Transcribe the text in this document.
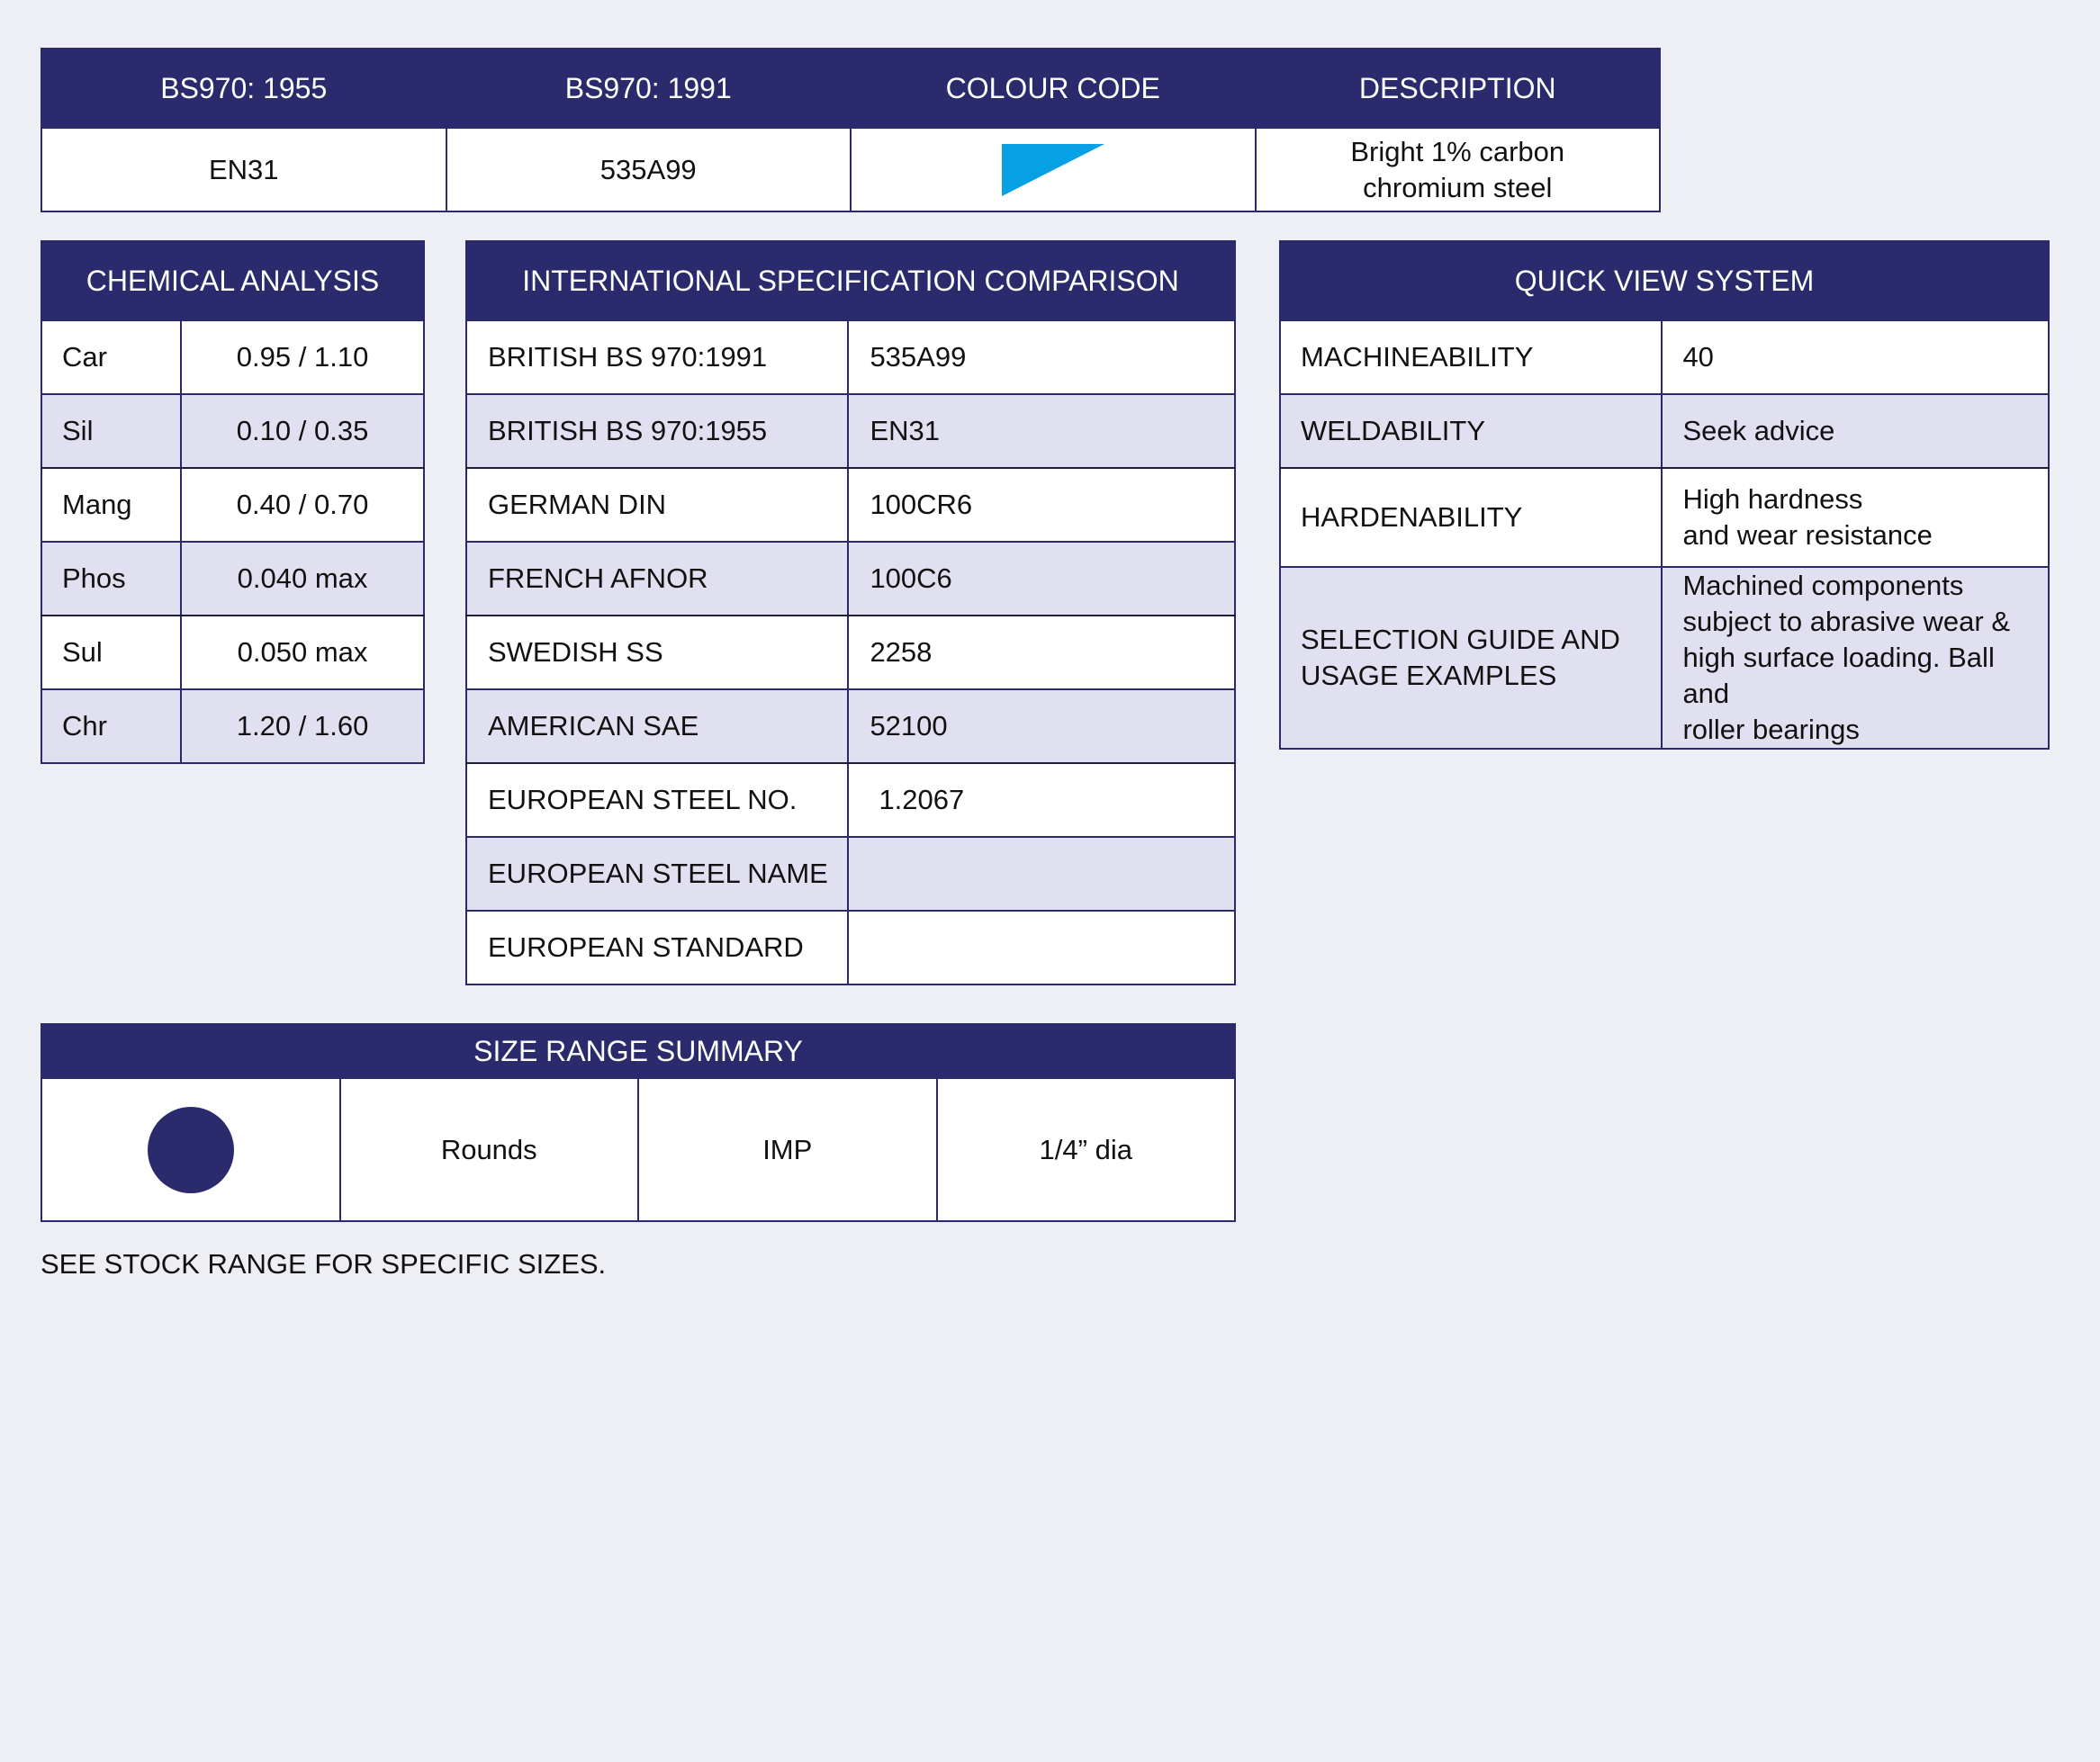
BS970: 1955	BS970: 1991	COLOUR CODE	DESCRIPTION
EN31	535A99		Bright 1% carbon
chromium steel
CHEMICAL ANALYSIS	
Car	0.95 / 1.10
Sil	0.10 / 0.35
Mang	0.40 / 0.70
Phos	0.040 max
Sul	0.050 max
Chr	1.20 / 1.60
INTERNATIONAL SPECIFICATION COMPARISON	
BRITISH BS 970:1991	535A99
BRITISH BS 970:1955	EN31
GERMAN DIN	100CR6
FRENCH AFNOR	100C6
SWEDISH SS	2258
AMERICAN SAE	52100
EUROPEAN STEEL NO.	1.2067
EUROPEAN STEEL NAME	
EUROPEAN STANDARD	
QUICK VIEW SYSTEM	
MACHINEABILITY	40
WELDABILITY	Seek advice
HARDENABILITY	High hardness
and wear resistance
SELECTION GUIDE AND
USAGE EXAMPLES	Machined components
subject to abrasive wear &
high surface loading. Ball and
roller bearings
SIZE RANGE SUMMARY
	Rounds	IMP	1/4” dia
SEE STOCK RANGE FOR SPECIFIC SIZES.
